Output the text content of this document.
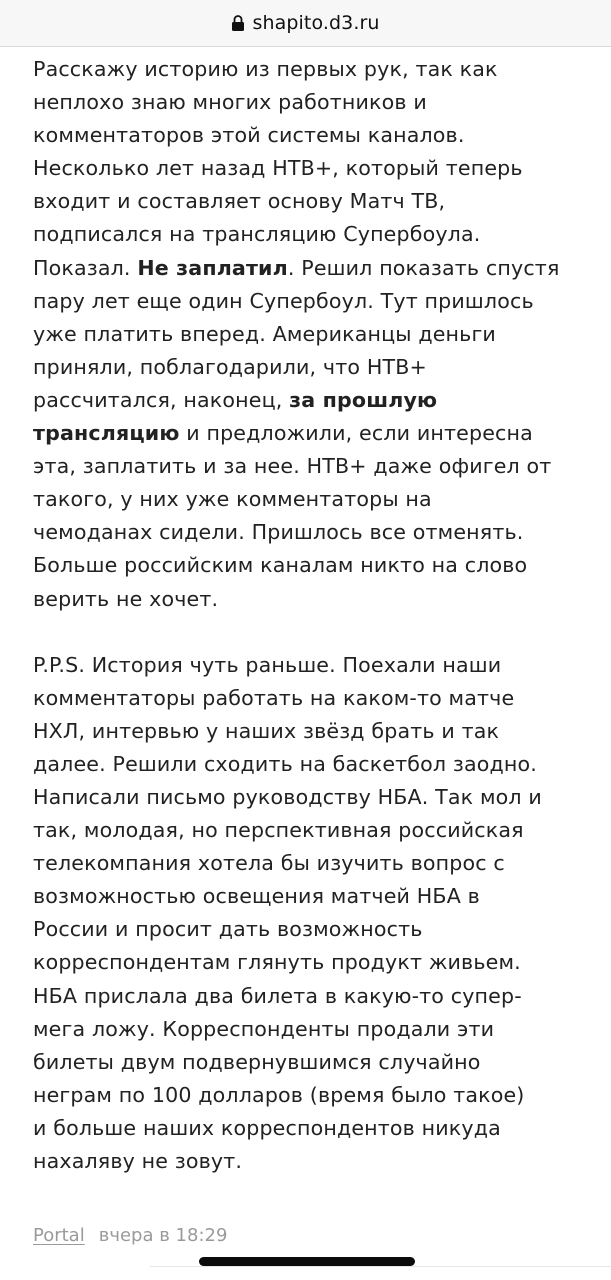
shapito.d3.ru
Расскажу историю из первых рук, так как
неплохо знаю многих работников и
комментаторов этой системы каналов.
Несколько лет назад НТВ+, который теперь
входит и составляет основу Матч ТВ,
подписался на трансляцию Супербоула.
Показал. Не заплатил. Решил показать спустя
пару лет еще один Супербоул. Тут пришлось
уже платить вперед. Американцы деньги
приняли, поблагодарили, что НТВ+
рассчитался, наконец, за прошлую
трансляцию и предложили, если интересна
эта, заплатить и за нее. НТВ+ даже офигел от
такого, у них уже комментаторы на
чемоданах сидели. Пришлось все отменять.
Больше российским каналам никто на слово
верить не хочет.
P.P.S. История чуть раньше. Поехали наши
комментаторы работать на каком-то матче
НХЛ, интервью у наших звёзд брать и так
далее. Решили сходить на баскетбол заодно.
Написали письмо руководству НБА. Так мол и
так, молодая, но перспективная российская
телекомпания хотела бы изучить вопрос с
возможностью освещения матчей НБА в
России и просит дать возможность
корреспондентам глянуть продукт живьем.
НБА прислала два билета в какую-то супер-
мега ложу. Корреспонденты продали эти
билеты двум подвернувшимся случайно
неграм по 100 долларов (время было такое)
и больше наших корреспондентов никуда
нахаляву не зовут.
Portal вчера в 18:29
